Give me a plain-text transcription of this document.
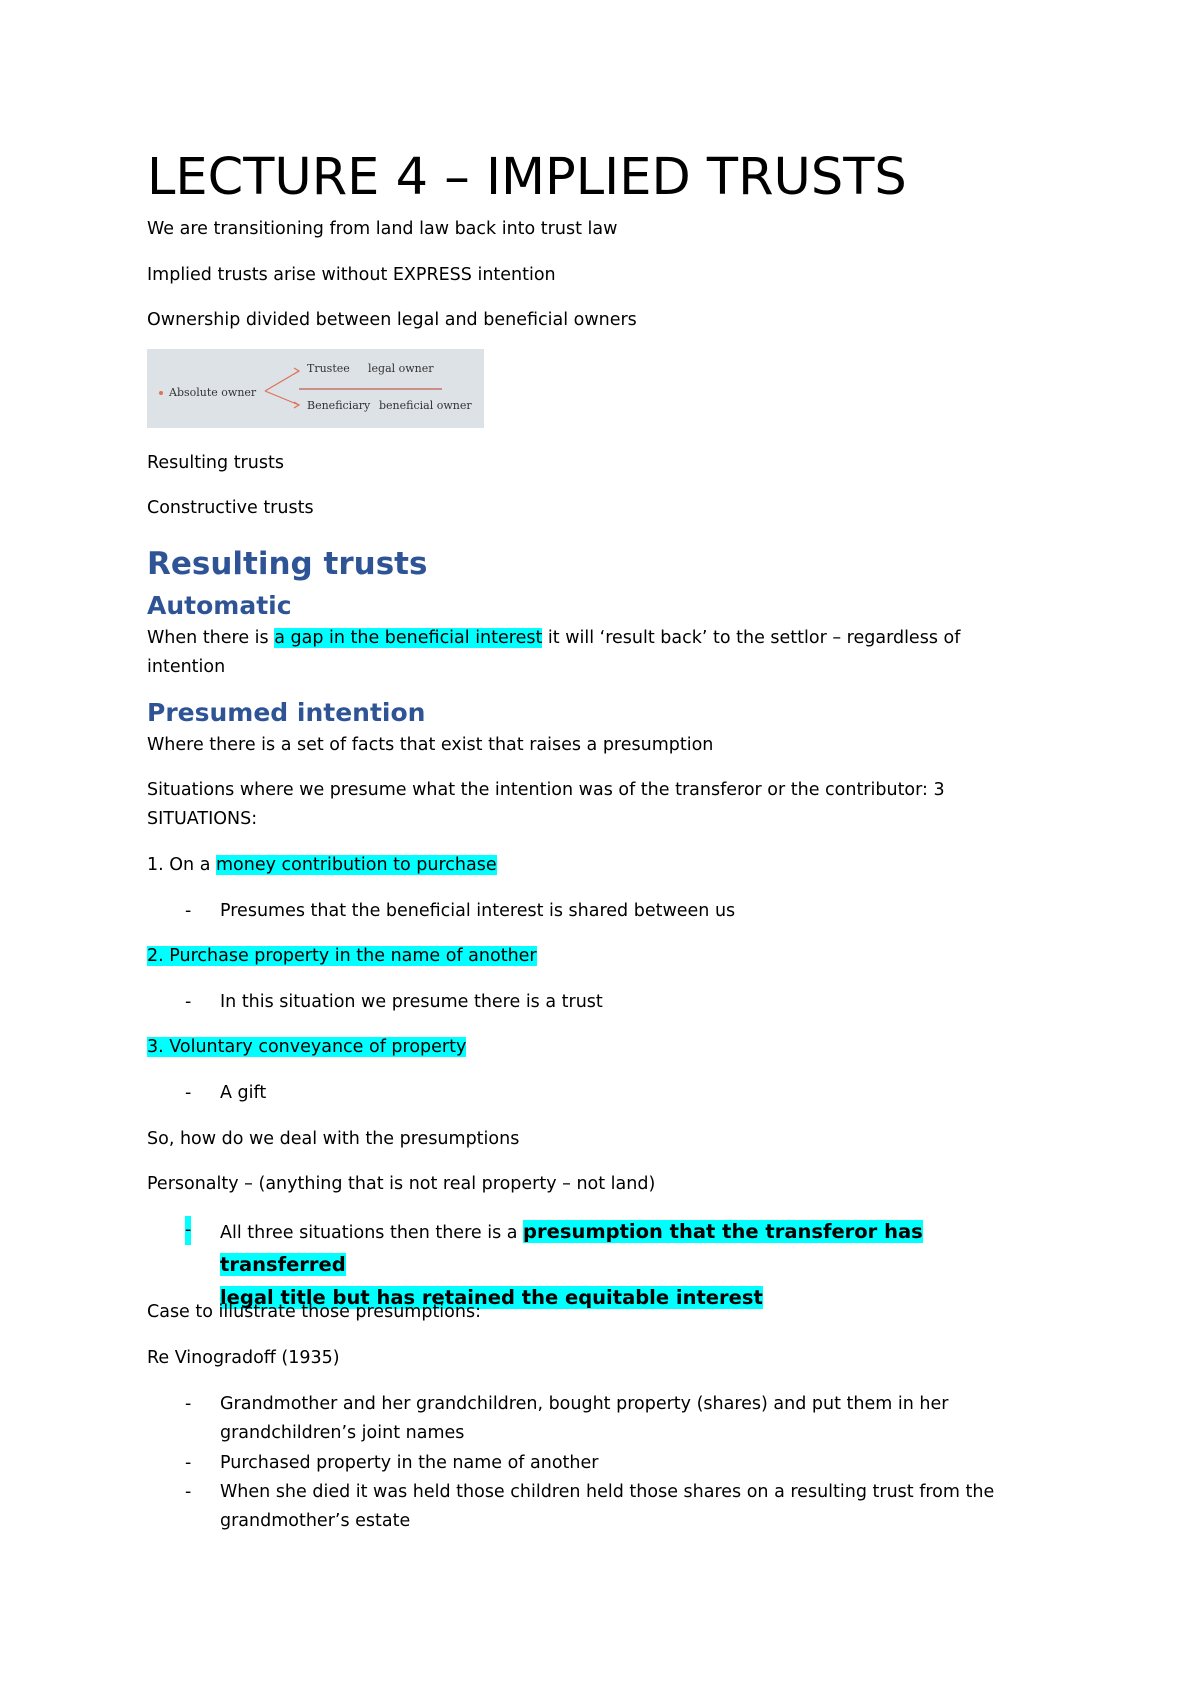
LECTURE 4 – IMPLIED TRUSTS

We are transitioning from land law back into trust law

Implied trusts arise without EXPRESS intention

Ownership divided between legal and beneficial owners

Absolute owner
Trustee legal owner
Beneficiary beneficial owner

Resulting trusts

Constructive trusts

Resulting trusts
Automatic

When there is a gap in the beneficial interest it will ‘result back’ to the settlor – regardless of

intention

Presumed intention

Where there is a set of facts that exist that raises a presumption

Situations where we presume what the intention was of the transferor or the contributor: 3

SITUATIONS:

1. On a money contribution to purchase

- Presumes that the beneficial interest is shared between us

2. Purchase property in the name of another

- In this situation we presume there is a trust

3. Voluntary conveyance of property

- A gift

So, how do we deal with the presumptions

Personalty – (anything that is not real property – not land)

- All three situations then there is a presumption that the transferor has transferred
legal title but has retained the equitable interest

Case to illustrate those presumptions:

Re Vinogradoff (1935)

- Grandmother and her grandchildren, bought property (shares) and put them in her

grandchildren’s joint names

- Purchased property in the name of another

- When she died it was held those children held those shares on a resulting trust from the

grandmother’s estate
